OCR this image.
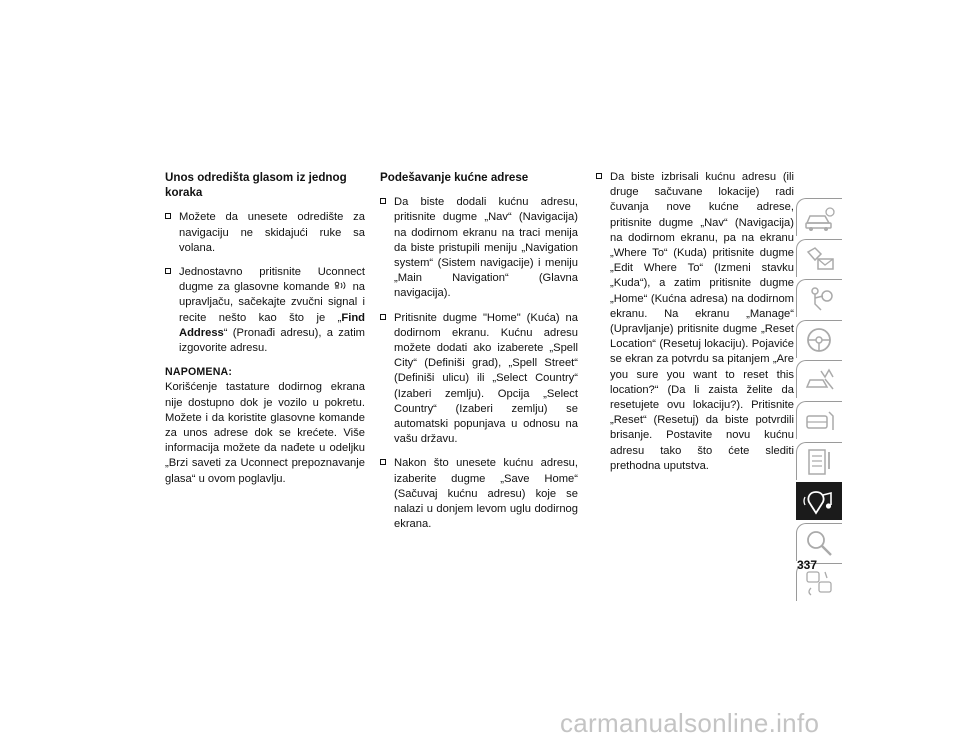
Unos odredišta glasom iz jednog koraka

Možete da unesete odredište za navigaciju ne skidajući ruke sa volana.
Jednostavno pritisnite Uconnect dugme za glasovne komande na upravljaču, sačekajte zvučni signal i recite nešto kao što je „Find Address“ (Pronađi adresu), a zatim izgovorite adresu.

NAPOMENA:

Korišćenje tastature dodirnog ekrana nije dostupno dok je vozilo u pokretu. Možete i da koristite glasovne komande za unos adrese dok se krećete. Više informacija možete da nađete u odeljku „Brzi saveti za Uconnect prepoznavanje glasa“ u ovom poglavlju.

Podešavanje kućne adrese

Da biste dodali kućnu adresu, pritisnite dugme „Nav“ (Navigacija) na dodirnom ekranu na traci menija da biste pristupili meniju „Navigation system“ (Sistem navigacije) i meniju „Main Navigation“ (Glavna navigacija).
Pritisnite dugme "Home" (Kuća) na dodirnom ekranu. Kućnu adresu možete dodati ako izaberete „Spell City“ (Definiši grad), „Spell Street“ (Definiši ulicu) ili „Select Country“ (Izaberi zemlju). Opcija „Select Country“ (Izaberi zemlju) se automatski popunjava u odnosu na vašu državu.
Nakon što unesete kućnu adresu, izaberite dugme „Save Home“ (Sačuvaj kućnu adresu) koje se nalazi u donjem levom uglu dodirnog ekrana.
Da biste izbrisali kućnu adresu (ili druge sačuvane lokacije) radi čuvanja nove kućne adrese, pritisnite dugme „Nav“ (Navigacija) na dodirnom ekranu, pa na ekranu „Where To“ (Kuda) pritisnite dugme „Edit Where To“ (Izmeni stavku „Kuda“), a zatim pritisnite dugme „Home“ (Kućna adresa) na dodirnom ekranu. Na ekranu „Manage“ (Upravljanje) pritisnite dugme „Reset Location“ (Resetuj lokaciju). Pojaviće se ekran za potvrdu sa pitanjem „Are you sure you want to reset this location?“ (Da li zaista želite da resetujete ovu lokaciju?). Pritisnite „Reset“ (Resetuj) da biste potvrdili brisanje. Postavite novu kućnu adresu tako što ćete slediti prethodna uputstva.
337
carmanualsonline.info
